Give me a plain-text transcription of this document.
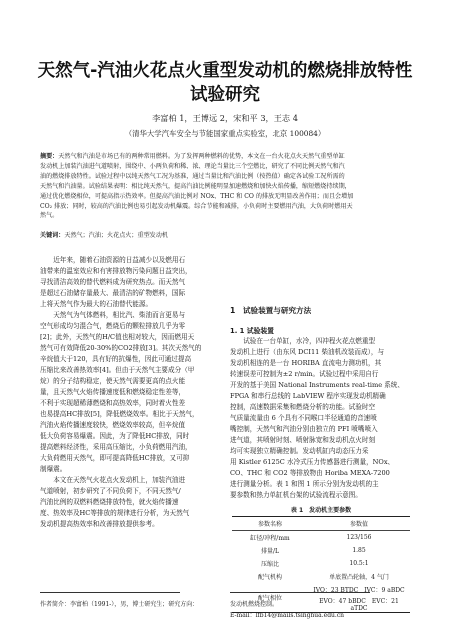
天然气-汽油火花点火重型发动机的燃烧排放特性
试验研究
李富柏 1，王博远 2，宋和平 3，王志 4
（清华大学汽车安全与节能国家重点实验室，北京 100084）
摘要：天然气和汽油是市场已有的两种常用燃料。为了发挥两种燃料的优势，本文在一台火花点火天然气重型单缸
发动机上加装汽油进气道喷射，围绕中、小两负荷和稀、浓、理论当量比三个空燃比，研究了不同比例天然气和汽
油的燃烧排放特性。试验过程中以纯天然气工况为基准，通过当量比和汽油比例（按热值）确定各试验工况所需的
天然气和汽油量。试验结果表明：相比纯天然气，提高汽油比例能明显加速燃烧和加快火焰传播，缩短燃烧持续期，
通过优化燃烧相位，可提高指示热效率。但提高汽油比例对 NOx、THC 和 CO 的排放无明显改善作用；而且会增加
CO₂ 排放；同时，较高的汽油比例也易引起发动机爆震。综合节能和减排，小负荷时主要燃用汽油，大负荷时燃用天
然气。
关键词：天然气；汽油；火花点火；重型发动机

近年来，随着石油资源的日益减少以及燃用石
油带来的温室效应和有害排放物污染问题日益突出，
寻找清洁高效的替代燃料成为研究热点。而天然气
是超过石油储存量最大、最清洁的矿物燃料，国际
上将天然气作为最大的石油替代能源。

天然气为气体燃料，相比汽、柴油而言更易与
空气形成均匀混合气，燃烧后的颗粒排放几乎为零
[2]；此外，天然气的H/C值也相对较大，因而燃用天
然气可有效降低20-30%的CO2排放[3]。其次天然气的
辛烷值大于120，具有好的抗爆性，因此可通过提高
压缩比来改善热效率[4]。但由于天然气主要成分（甲
烷）的分子结构稳定，使天然气需要更高的点火能
量，且天然气火焰传播速度低和燃烧稳定性差等，
不利于实现超稀薄燃烧和高热效率，同时着火性差
也易提高HC排放[5]，降低燃烧效率。相比于天然气，
汽油火焰传播速度较快，燃烧效率较高，但辛烷值
低大负荷容易爆震。因此，为了降低HC排放，同时
提高燃料经济性，采用高压缩比，小负荷燃用汽油，
大负荷燃用天然气，即可提高降低HC排放，又可抑
制爆震。

本文在天然气火花点火发动机上，加装汽油进
气道喷射，初步研究了不同负荷下，不同天然气/
汽油比例的双燃料燃烧排放特性，就火焰传播速
度、热效率及HC等排放的规律进行分析，为天然气
发动机提高热效率和改善排放提供参考。

作者简介：李富柏（1991-），男，博士研究生；研究方向：
1　试验装置与研究方法
1. 1 试验装置

试验在一台单缸，水冷，四冲程火花点燃重型
发动机上进行（由东风 DCI11 柴油机改装而成），与
发动机相连的是一台 HORIBA 直流电力测功机，其
转速误差可控制为±2 r/min。试验过程中采用自行
开发的基于美国 National Instruments real-time 系统、
FPGA 和串行总线的 LabVIEW 程序实现发动机精确
控制，高速数据采集和燃烧分析的功能。试验时空
气质量流量由 6 个具有不同喉口半径通道的音速喷
嘴控制，天然气和汽油分别由独立的 PFI 喷嘴喷入
进气道，其喷射时刻、喷射脉宽和发动机点火时刻
均可实现独立精确控制。发动机缸内动态压力采
用 Kistler 6125C 水冷式压力传感器进行测量，NOx、
CO、THC 和 CO2 等排放物由 Horiba MEXA-7200
进行测量分析。表 1 和图 1 所示分别为发动机的主
要参数和热力单缸机台架的试验流程示意图。

表 1　发动机主要参数
参数名称	参数值
缸径/冲程/mm	123/156
排量/L	1.85
压缩比	10.5:1
配气机构	单底置凸轮轴，4 气门
配气相位	IVO：23 BTDC　IVC：9 aBDC
	EVO：47 bBDC　EVC：21 aTDC
发动机燃烧控制。
E-mail：lfb14@mails.tsinghua.edu.cn
